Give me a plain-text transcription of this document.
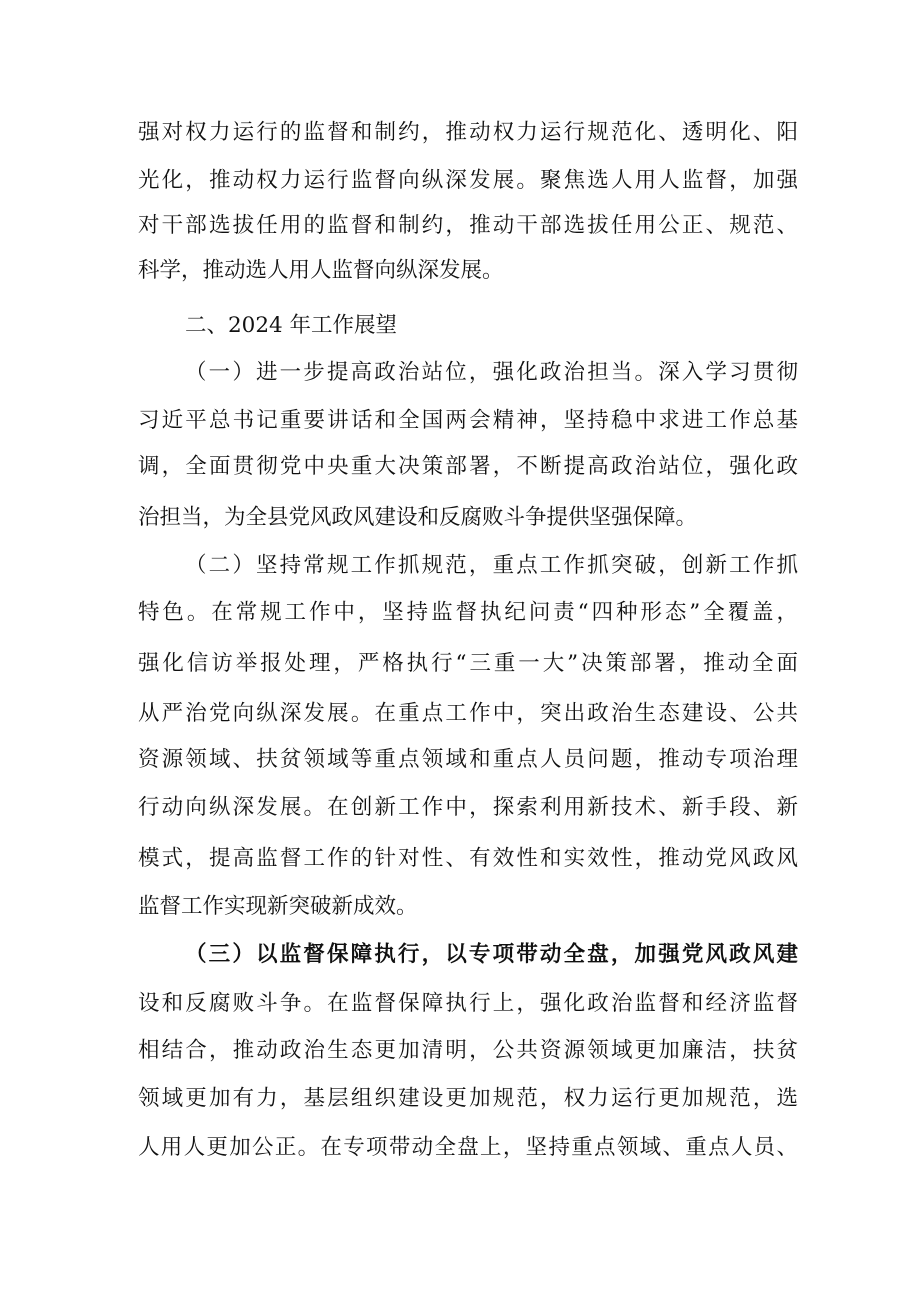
强对权力运行的监督和制约，推动权力运行规范化、透明化、阳
光化，推动权力运行监督向纵深发展。聚焦选人用人监督，加强
对干部选拔任用的监督和制约，推动干部选拔任用公正、规范、
科学，推动选人用人监督向纵深发展。
二、2024 年工作展望
（一）进一步提高政治站位，强化政治担当。深入学习贯彻
习近平总书记重要讲话和全国两会精神，坚持稳中求进工作总基
调，全面贯彻党中央重大决策部署，不断提高政治站位，强化政
治担当，为全县党风政风建设和反腐败斗争提供坚强保障。
（二）坚持常规工作抓规范，重点工作抓突破，创新工作抓
特色。在常规工作中，坚持监督执纪问责“四种形态”全覆盖，
强化信访举报处理，严格执行“三重一大”决策部署，推动全面
从严治党向纵深发展。在重点工作中，突出政治生态建设、公共
资源领域、扶贫领域等重点领域和重点人员问题，推动专项治理
行动向纵深发展。在创新工作中，探索利用新技术、新手段、新
模式，提高监督工作的针对性、有效性和实效性，推动党风政风
监督工作实现新突破新成效。
（三）以监督保障执行，以专项带动全盘，加强党风政风建
设和反腐败斗争。在监督保障执行上，强化政治监督和经济监督
相结合，推动政治生态更加清明，公共资源领域更加廉洁，扶贫
领域更加有力，基层组织建设更加规范，权力运行更加规范，选
人用人更加公正。在专项带动全盘上，坚持重点领域、重点人员、
